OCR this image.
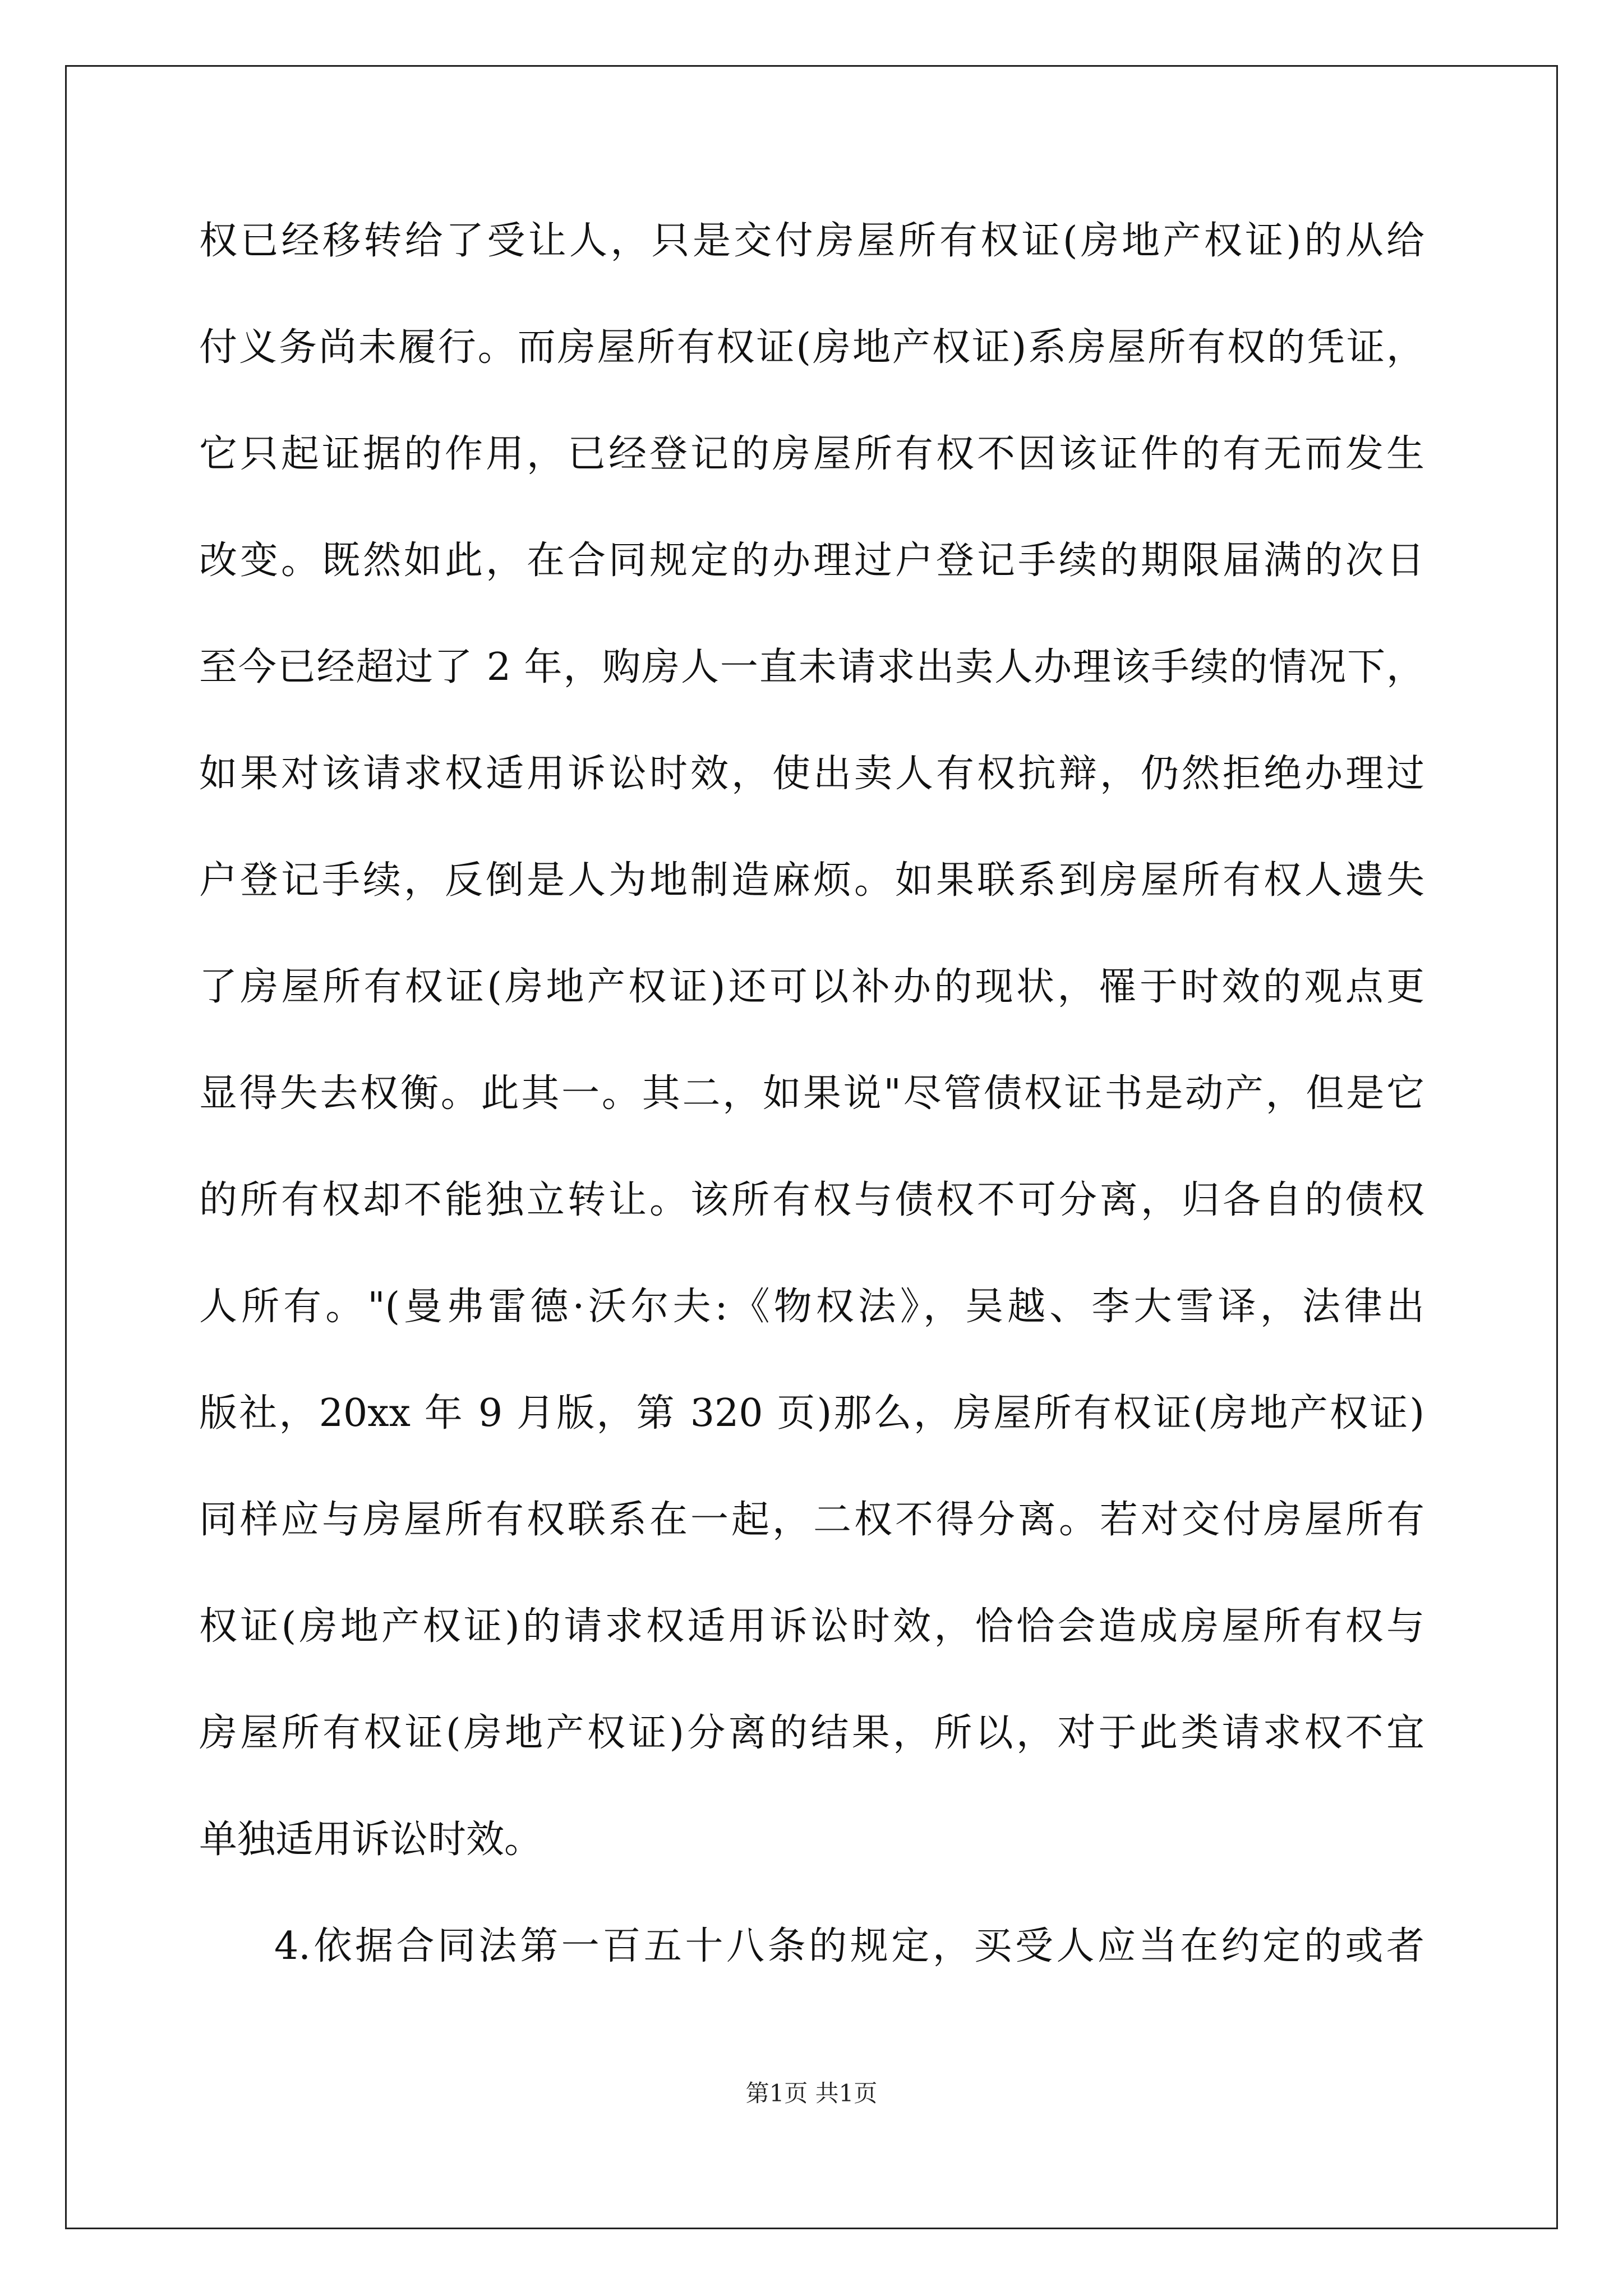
权已经移转给了受让人，只是交付房屋所有权证(房地产权证)的从给
付义务尚未履行。而房屋所有权证(房地产权证)系房屋所有权的凭证，
它只起证据的作用，已经登记的房屋所有权不因该证件的有无而发生
改变。既然如此，在合同规定的办理过户登记手续的期限届满的次日
至今已经超过了 2 年，购房人一直未请求出卖人办理该手续的情况下，
如果对该请求权适用诉讼时效，使出卖人有权抗辩，仍然拒绝办理过
户登记手续，反倒是人为地制造麻烦。如果联系到房屋所有权人遗失
了房屋所有权证(房地产权证)还可以补办的现状，罹于时效的观点更
显得失去权衡。此其一。其二，如果说"尽管债权证书是动产，但是它
的所有权却不能独立转让。该所有权与债权不可分离，归各自的债权
人所有。"(曼弗雷德·沃尔夫:《物权法》，吴越、李大雪译，法律出
版社，20xx 年 9 月版，第 320 页)那么，房屋所有权证(房地产权证)
同样应与房屋所有权联系在一起，二权不得分离。若对交付房屋所有
权证(房地产权证)的请求权适用诉讼时效，恰恰会造成房屋所有权与
房屋所有权证(房地产权证)分离的结果，所以，对于此类请求权不宜
单独适用诉讼时效。
4.依据合同法第一百五十八条的规定，买受人应当在约定的或者
第1页 共1页
